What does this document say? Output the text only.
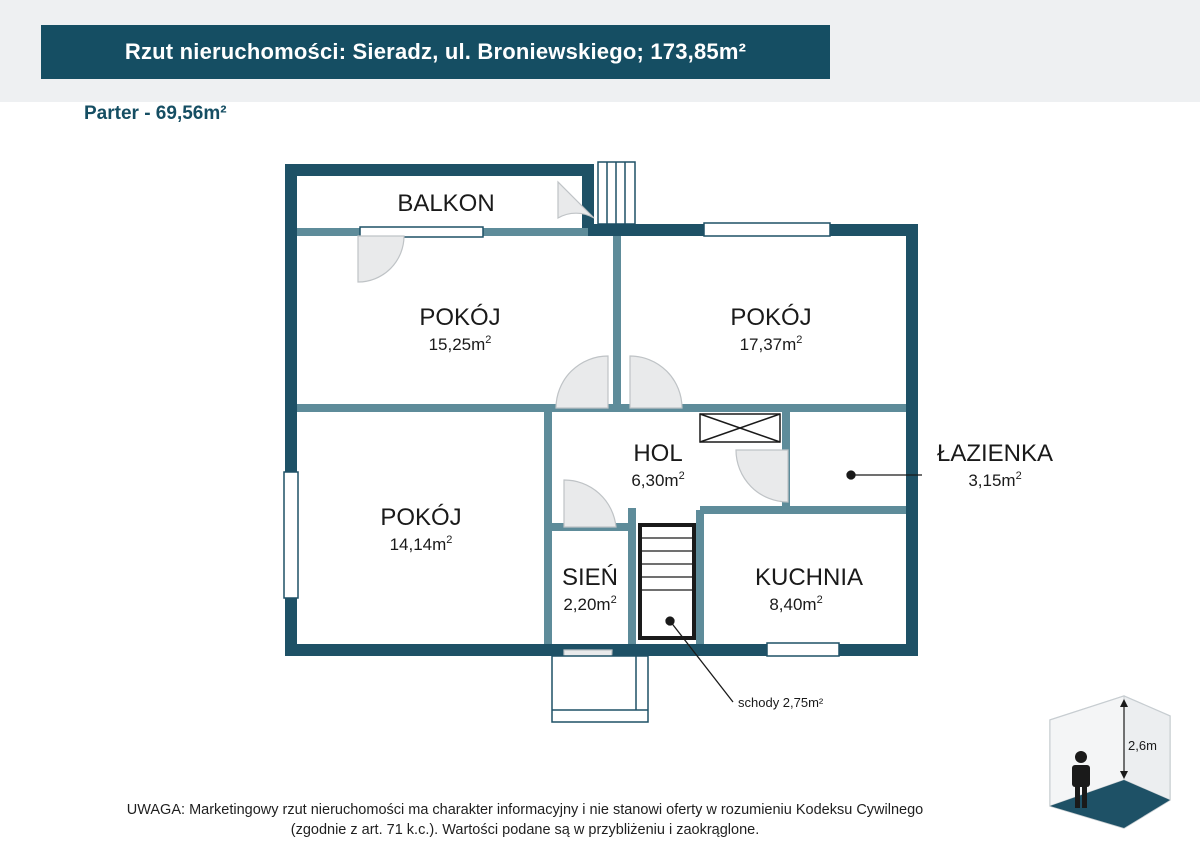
Rzut nieruchomości: Sieradz, ul. Broniewskiego; 173,85m²
Parter - 69,56m²
BALKON
POKÓJ
$15,25m^2$
POKÓJ
$17,37m^2$
HOL
$6,30m^2$
ŁAZIENKA
$3,15m^2$
POKÓJ
$14,14m^2$
SIEŃ
$2,20m^2$
KUCHNIA
$8,40m^2$
schody 2,75m²
2,6m
UWAGA: Marketingowy rzut nieruchomości ma charakter informacyjny i nie stanowi oferty w rozumieniu Kodeksu Cywilnego
(zgodnie z art. 71 k.c.). Wartości podane są w przybliżeniu i zaokrąglone.
